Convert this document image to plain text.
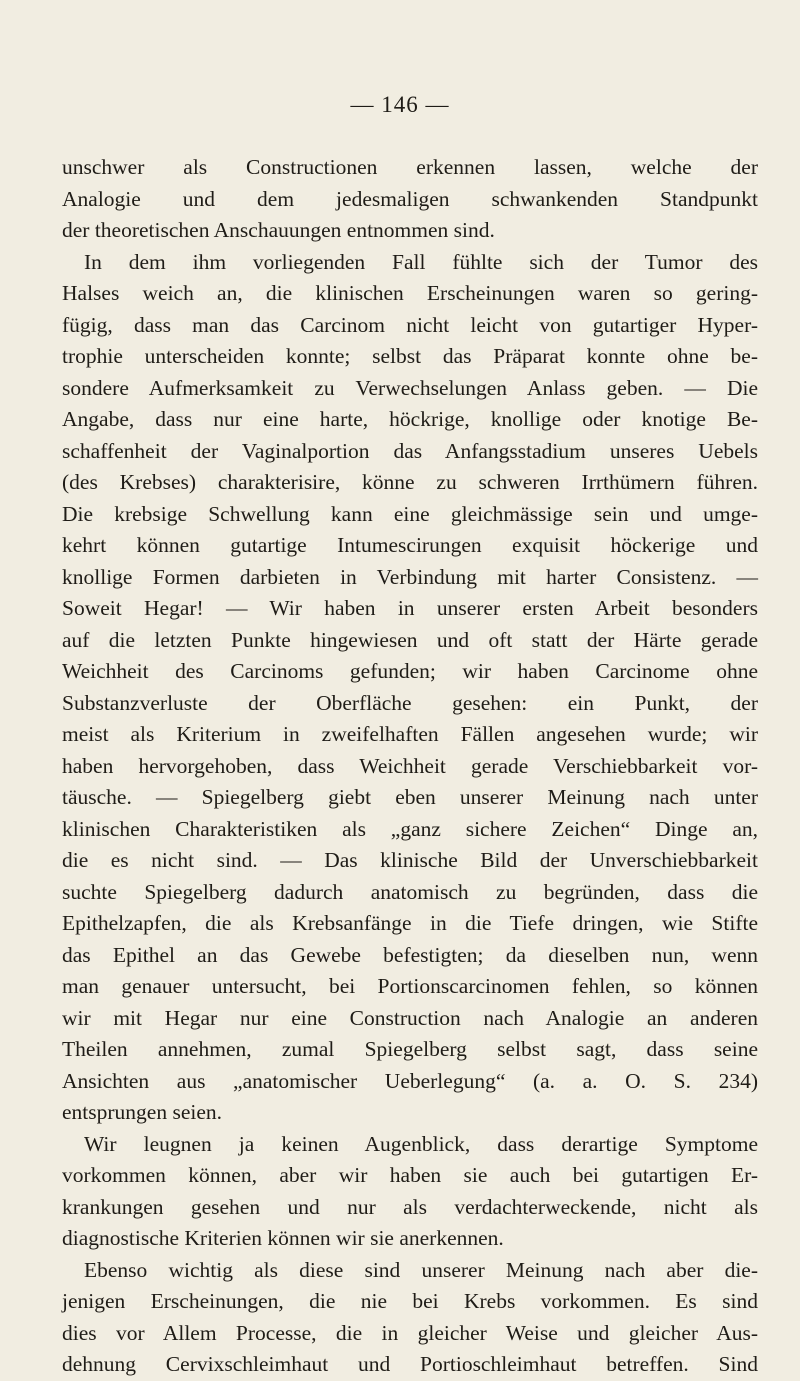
— 146 —
unschwer als Constructionen erkennen lassen, welche der
Analogie und dem jedesmaligen schwankenden Standpunkt
der theoretischen Anschauungen entnommen sind.
In dem ihm vorliegenden Fall fühlte sich der Tumor des
Halses weich an, die klinischen Erscheinungen waren so gering-
fügig, dass man das Carcinom nicht leicht von gutartiger Hyper-
trophie unterscheiden konnte; selbst das Präparat konnte ohne be-
sondere Aufmerksamkeit zu Verwechselungen Anlass geben. — Die
Angabe, dass nur eine harte, höckrige, knollige oder knotige Be-
schaffenheit der Vaginalportion das Anfangsstadium unseres Uebels
(des Krebses) charakterisire, könne zu schweren Irrthümern führen.
Die krebsige Schwellung kann eine gleichmässige sein und umge-
kehrt können gutartige Intumescirungen exquisit höckerige und
knollige Formen darbieten in Verbindung mit harter Consistenz. —
Soweit Hegar! — Wir haben in unserer ersten Arbeit besonders
auf die letzten Punkte hingewiesen und oft statt der Härte gerade
Weichheit des Carcinoms gefunden; wir haben Carcinome ohne
Substanzverluste der Oberfläche gesehen: ein Punkt, der
meist als Kriterium in zweifelhaften Fällen angesehen wurde; wir
haben hervorgehoben, dass Weichheit gerade Verschiebbarkeit vor-
täusche. — Spiegelberg giebt eben unserer Meinung nach unter
klinischen Charakteristiken als „ganz sichere Zeichen“ Dinge an,
die es nicht sind. — Das klinische Bild der Unverschiebbarkeit
suchte Spiegelberg dadurch anatomisch zu begründen, dass die
Epithelzapfen, die als Krebsanfänge in die Tiefe dringen, wie Stifte
das Epithel an das Gewebe befestigten; da dieselben nun, wenn
man genauer untersucht, bei Portionscarcinomen fehlen, so können
wir mit Hegar nur eine Construction nach Analogie an anderen
Theilen annehmen, zumal Spiegelberg selbst sagt, dass seine
Ansichten aus „anatomischer Ueberlegung“ (a. a. O. S. 234)
entsprungen seien.
Wir leugnen ja keinen Augenblick, dass derartige Symptome
vorkommen können, aber wir haben sie auch bei gutartigen Er-
krankungen gesehen und nur als verdachterweckende, nicht als
diagnostische Kriterien können wir sie anerkennen.
Ebenso wichtig als diese sind unserer Meinung nach aber die-
jenigen Erscheinungen, die nie bei Krebs vorkommen. Es sind
dies vor Allem Processe, die in gleicher Weise und gleicher Aus-
dehnung Cervixschleimhaut und Portioschleimhaut betreffen. Sind
